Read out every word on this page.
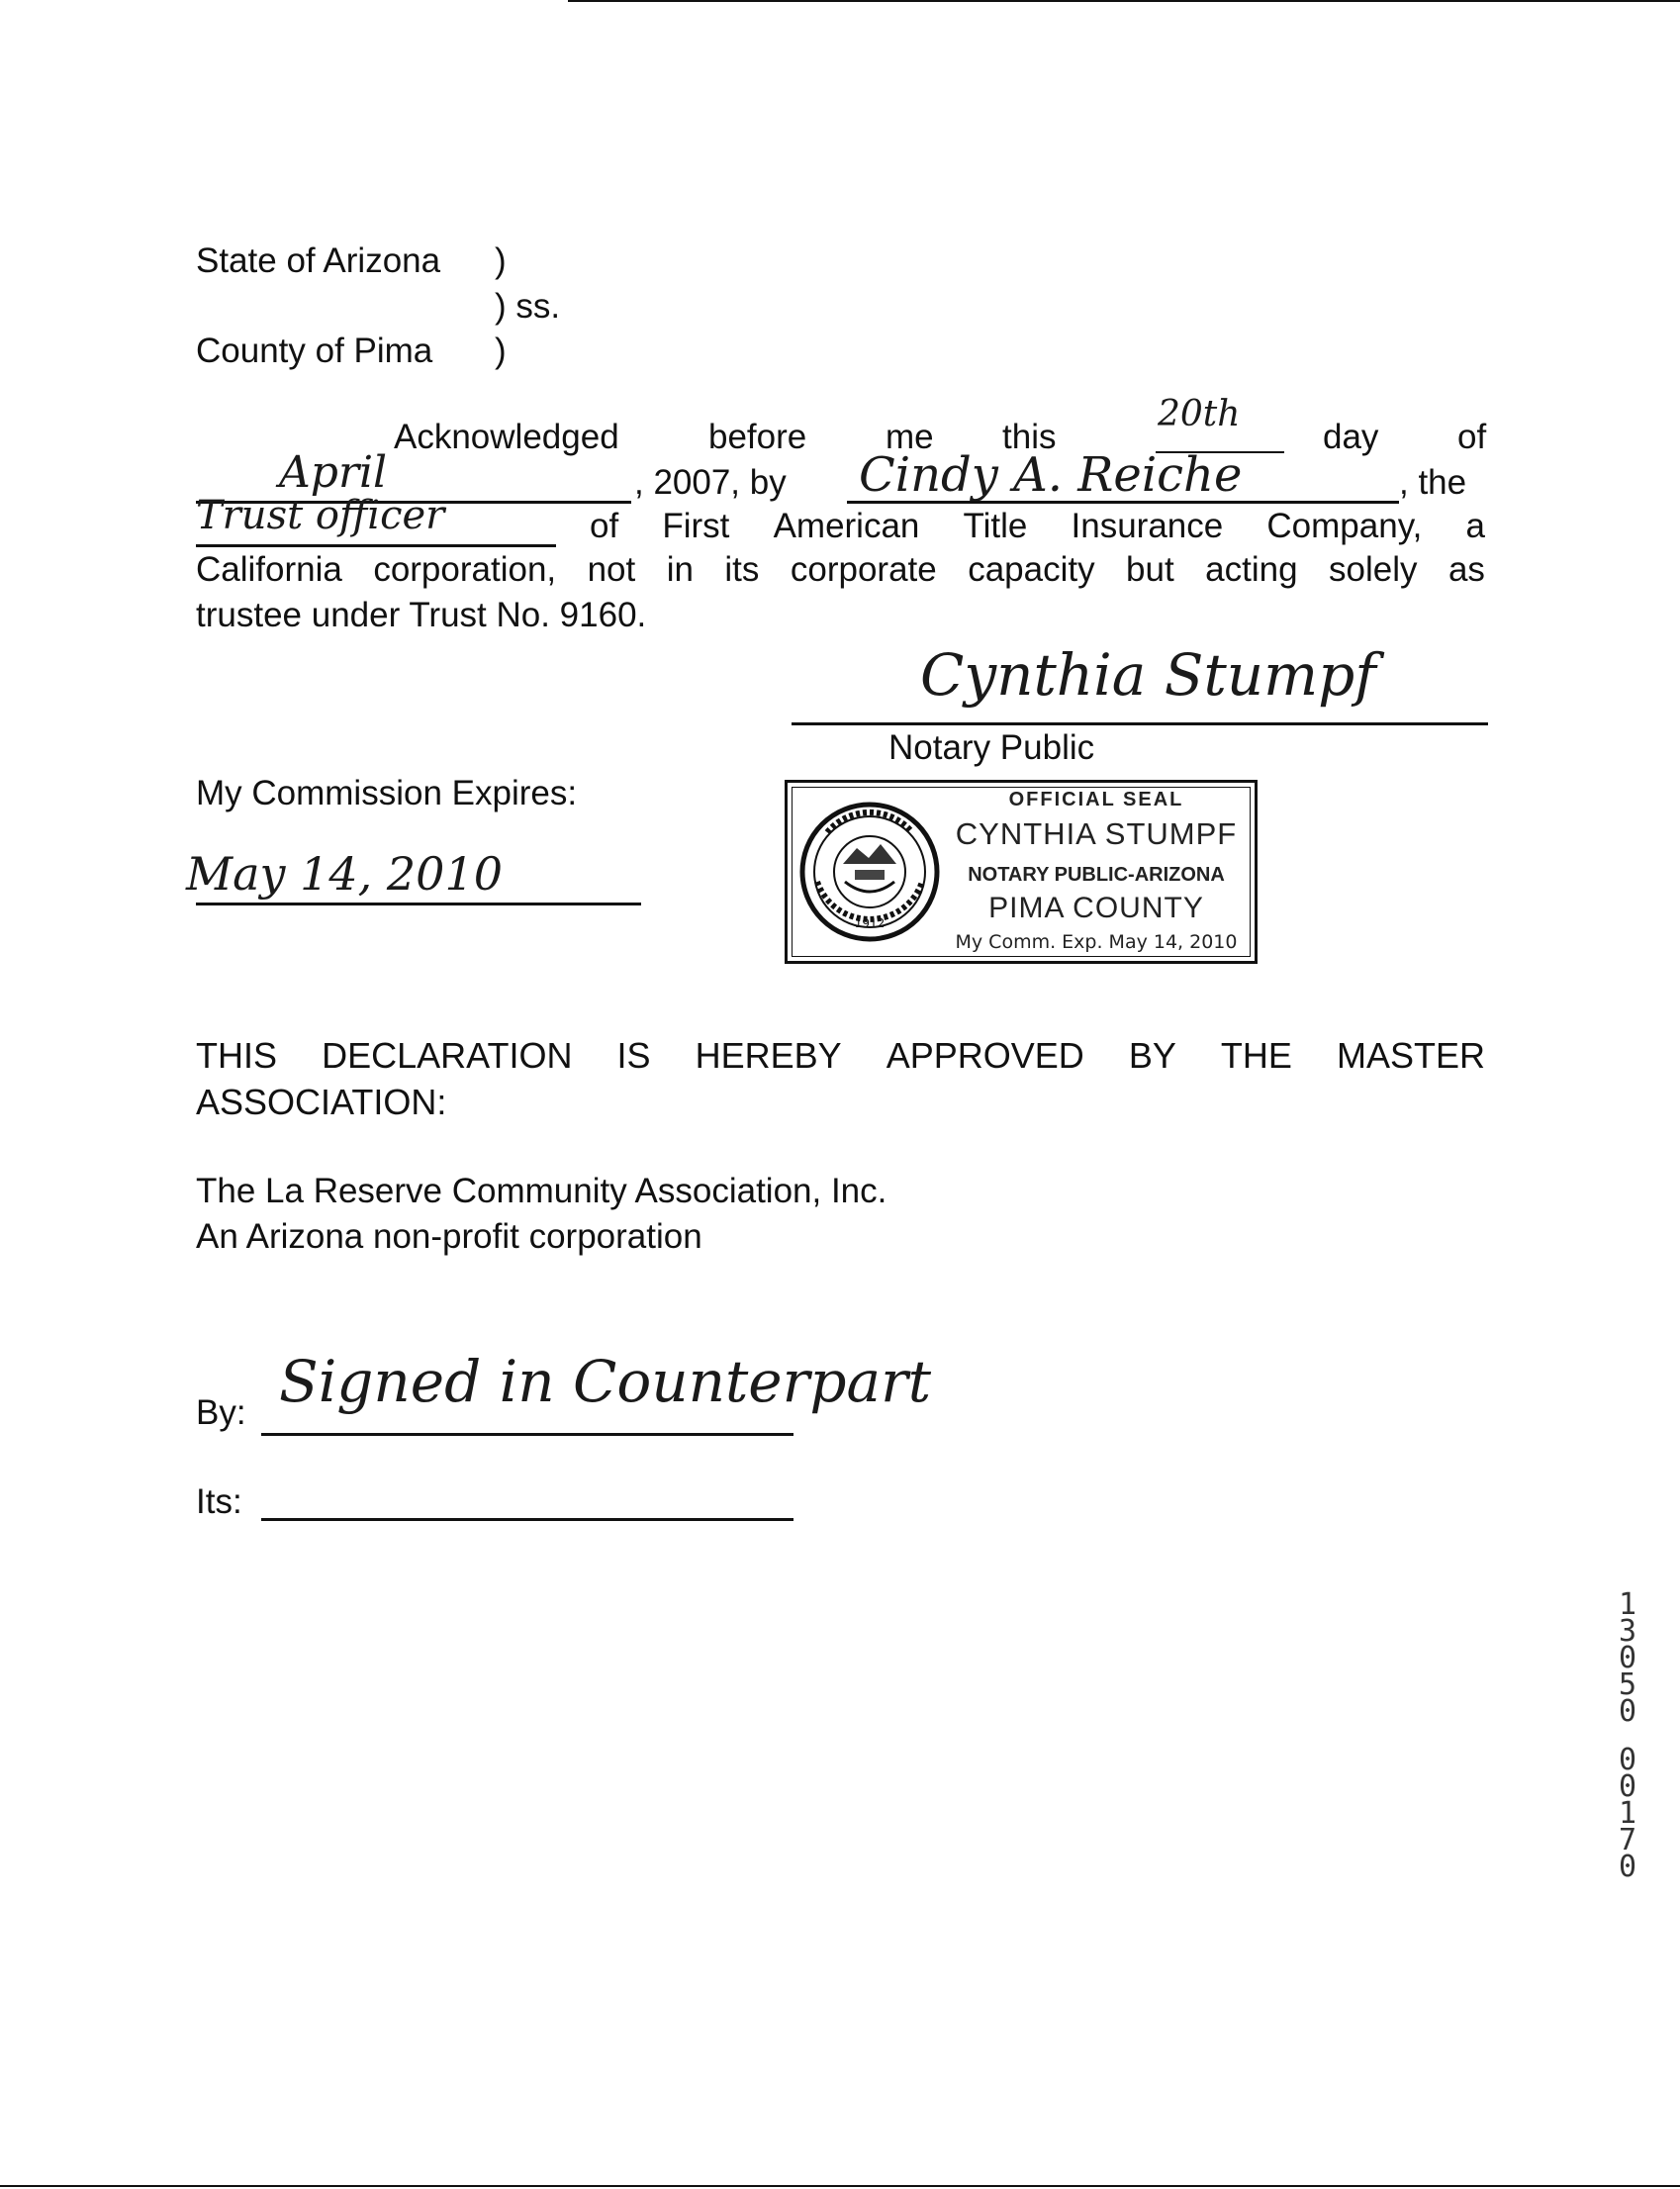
State of Arizona )
) ss.
County of Pima )
Acknowledged	before me this
20th
day of
April	, 2007, by Cindy A. Reiche	, the
Trust officer	of First American Title Insurance Company, a
California corporation, not in its corporate capacity but acting solely as
trustee under Trust No. 9160.
Cynthia Stumpf
Notary Public
My Commission Expires:
May 14, 2010
1912
OFFICIAL SEAL
CYNTHIA STUMPF
NOTARY PUBLIC-ARIZONA
PIMA COUNTY
My Comm. Exp. May 14, 2010
THIS DECLARATION IS HEREBY APPROVED BY THE MASTER
ASSOCIATION:
The La Reserve Community Association, Inc.
An Arizona non-profit corporation
By: Signed in Counterpart
Its:
1
3
0
5
0
0
0
1
7
0
